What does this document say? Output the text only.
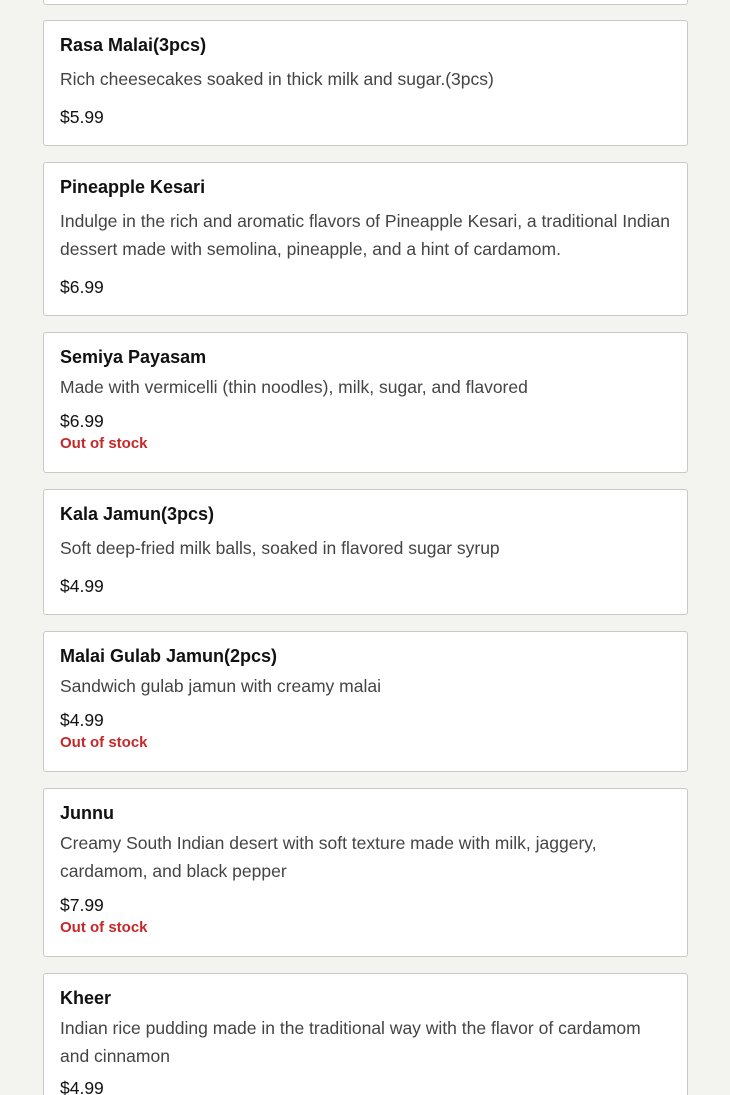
Rasa Malai(3pcs)
Rich cheesecakes soaked in thick milk and sugar.(3pcs)
$5.99
Pineapple Kesari
Indulge in the rich and aromatic flavors of Pineapple Kesari, a traditional Indian dessert made with semolina, pineapple, and a hint of cardamom.
$6.99
Semiya Payasam
Made with vermicelli (thin noodles), milk, sugar, and flavored
$6.99
Out of stock
Kala Jamun(3pcs)
Soft deep-fried milk balls, soaked in flavored sugar syrup
$4.99
Malai Gulab Jamun(2pcs)
Sandwich gulab jamun with creamy malai
$4.99
Out of stock
Junnu
Creamy South Indian desert with soft texture made with milk, jaggery, cardamom, and black pepper
$7.99
Out of stock
Kheer
Indian rice pudding made in the traditional way with the flavor of cardamom and cinnamon
$4.99
